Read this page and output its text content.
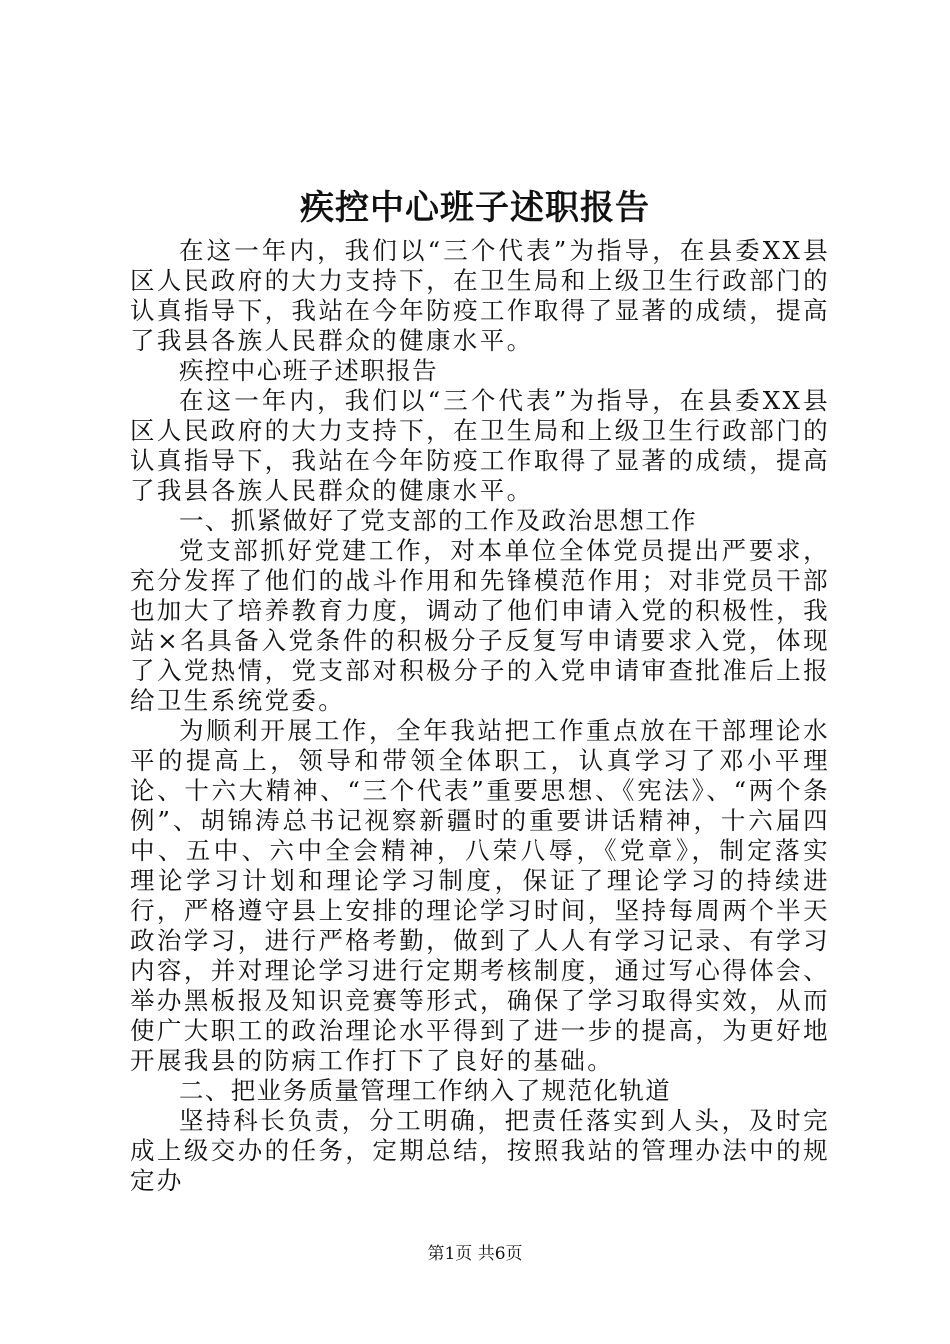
疾控中心班子述职报告

在这一年内，我们以“三个代表”为指导，在县委XX县区人民政府的大力支持下，在卫生局和上级卫生行政部门的认真指导下，我站在今年防疫工作取得了显著的成绩，提高了我县各族人民群众的健康水平。

疾控中心班子述职报告

在这一年内，我们以“三个代表”为指导，在县委XX县区人民政府的大力支持下，在卫生局和上级卫生行政部门的认真指导下，我站在今年防疫工作取得了显著的成绩，提高了我县各族人民群众的健康水平。

一、抓紧做好了党支部的工作及政治思想工作

党支部抓好党建工作，对本单位全体党员提出严要求，充分发挥了他们的战斗作用和先锋模范作用；对非党员干部也加大了培养教育力度，调动了他们申请入党的积极性，我站×名具备入党条件的积极分子反复写申请要求入党，体现了入党热情，党支部对积极分子的入党申请审查批准后上报给卫生系统党委。

为顺利开展工作，全年我站把工作重点放在干部理论水平的提高上，领导和带领全体职工，认真学习了邓小平理论、十六大精神、“三个代表”重要思想、《宪法》、“两个条例”、胡锦涛总书记视察新疆时的重要讲话精神，十六届四中、五中、六中全会精神，八荣八辱，《党章》，制定落实理论学习计划和理论学习制度，保证了理论学习的持续进行，严格遵守县上安排的理论学习时间，坚持每周两个半天政治学习，进行严格考勤，做到了人人有学习记录、有学习内容，并对理论学习进行定期考核制度，通过写心得体会、举办黑板报及知识竞赛等形式，确保了学习取得实效，从而使广大职工的政治理论水平得到了进一步的提高，为更好地开展我县的防病工作打下了良好的基础。

二、把业务质量管理工作纳入了规范化轨道

坚持科长负责，分工明确，把责任落实到人头，及时完成上级交办的任务，定期总结，按照我站的管理办法中的规定办

第1页 共6页
